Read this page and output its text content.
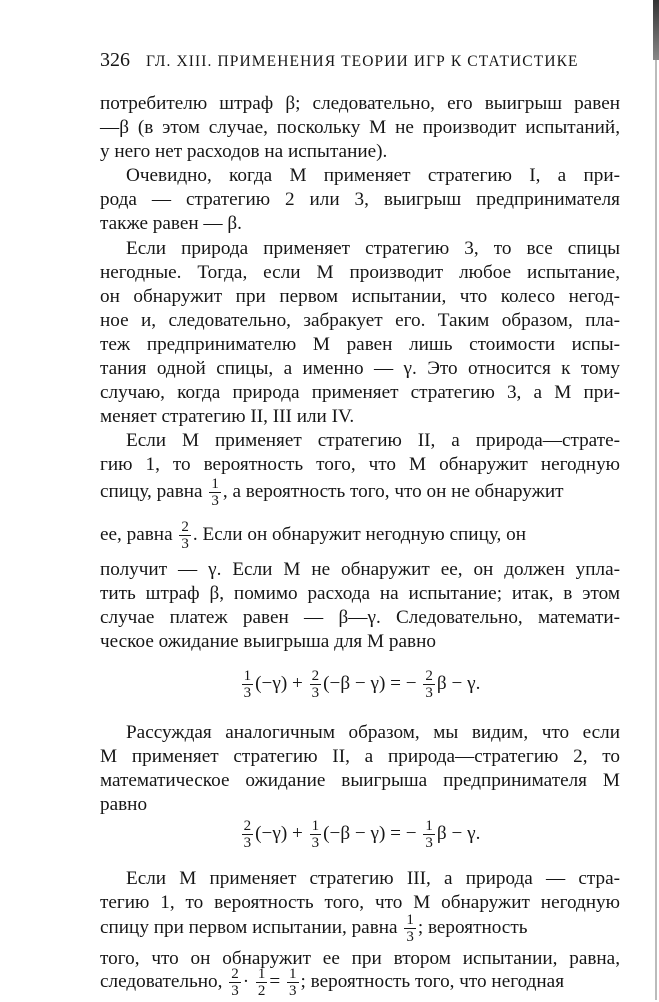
326 ГЛ. XIII. ПРИМЕНЕНИЯ ТЕОРИИ ИГР К СТАТИСТИКЕ
потребителю штраф β; следовательно, его выигрыш равен
—β (в этом случае, поскольку М не производит испытаний,
у него нет расходов на испытание).
Очевидно, когда М применяет стратегию I, а при-
рода — стратегию 2 или 3, выигрыш предпринимателя
также равен — β.
Если природа применяет стратегию 3, то все спицы
негодные. Тогда, если М производит любое испытание,
он обнаружит при первом испытании, что колесо негод-
ное и, следовательно, забракует его. Таким образом, пла-
теж предпринимателю М равен лишь стоимости испы-
тания одной спицы, а именно — γ. Это относится к тому
случаю, когда природа применяет стратегию 3, а М при-
меняет стратегию II, III или IV.
Если М применяет стратегию II, а природа—страте-
гию 1, то вероятность того, что М обнаружит негодную
спицу, равна $\frac{1}{3}$ , а вероятность того, что он не обнаружит
ее, равна $\frac{2}{3}$ . Если он обнаружит негодную спицу, он
получит — γ. Если М не обнаружит ее, он должен упла-
тить штраф β, помимо расхода на испытание; итак, в этом
случае платеж равен — β—γ. Следовательно, математи-
ческое ожидание выигрыша для М равно
$\frac{1}{3} (-\gamma) + \frac{2}{3} (-\beta - \gamma)$ = − $\frac{2}{3}$ β − γ.
Рассуждая аналогичным образом, мы видим, что если
М применяет стратегию II, а природа—стратегию 2, то
математическое ожидание выигрыша предпринимателя М
равно
$\frac{2}{3} (-\gamma) + \frac{1}{3} (-\beta - \gamma)$ = − $\frac{1}{3}$ β − γ.
Если М применяет стратегию III, а природа — стра-
тегию 1, то вероятность того, что М обнаружит негодную
спицу при первом испытании, равна $\frac{1}{3}$ ; вероятность
того, что он обнаружит ее при втором испытании, равна,
следовательно, $\frac{2}{3} \cdot \frac{1}{2} = \frac{1}{3}$ ; вероятность того, что негодная
